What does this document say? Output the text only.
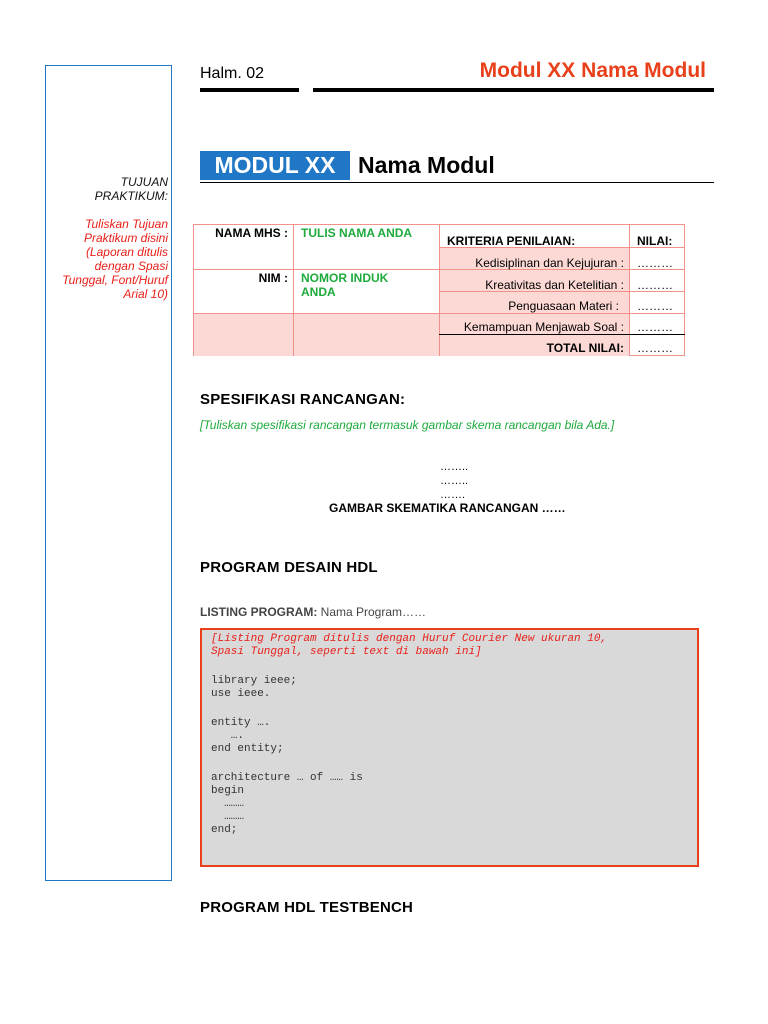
TUJUAN
PRAKTIKUM:
Tuliskan Tujuan
Praktikum disini
(Laporan ditulis
dengan Spasi
Tunggal, Font/Huruf
Arial 10)
Halm. 02	Modul XX Nama Modul
MODUL XX Nama Modul
NAMA MHS : TULIS NAMA ANDA
NIM : NOMOR INDUK
ANDA
KRITERIA PENILAIAN:	NILAI:
Kedisiplinan dan Kejujuran : ………
Kreativitas dan Ketelitian : ………
Penguasaan Materi : ………
Kemampuan Menjawab Soal : ………
TOTAL NILAI: ………
SPESIFIKASI RANCANGAN:
[Tuliskan spesifikasi rancangan termasuk gambar skema rancangan bila Ada.]
……..
……..
…….
GAMBAR SKEMATIKA RANCANGAN ……
PROGRAM DESAIN HDL
LISTING PROGRAM: Nama Program……
[Listing Program ditulis dengan Huruf Courier New ukuran 10,
Spasi Tunggal, seperti text di bawah ini]
library ieee;
use ieee.
entity ….
….
end entity;
architecture … of …… is
begin
………
………
end;
PROGRAM HDL TESTBENCH
